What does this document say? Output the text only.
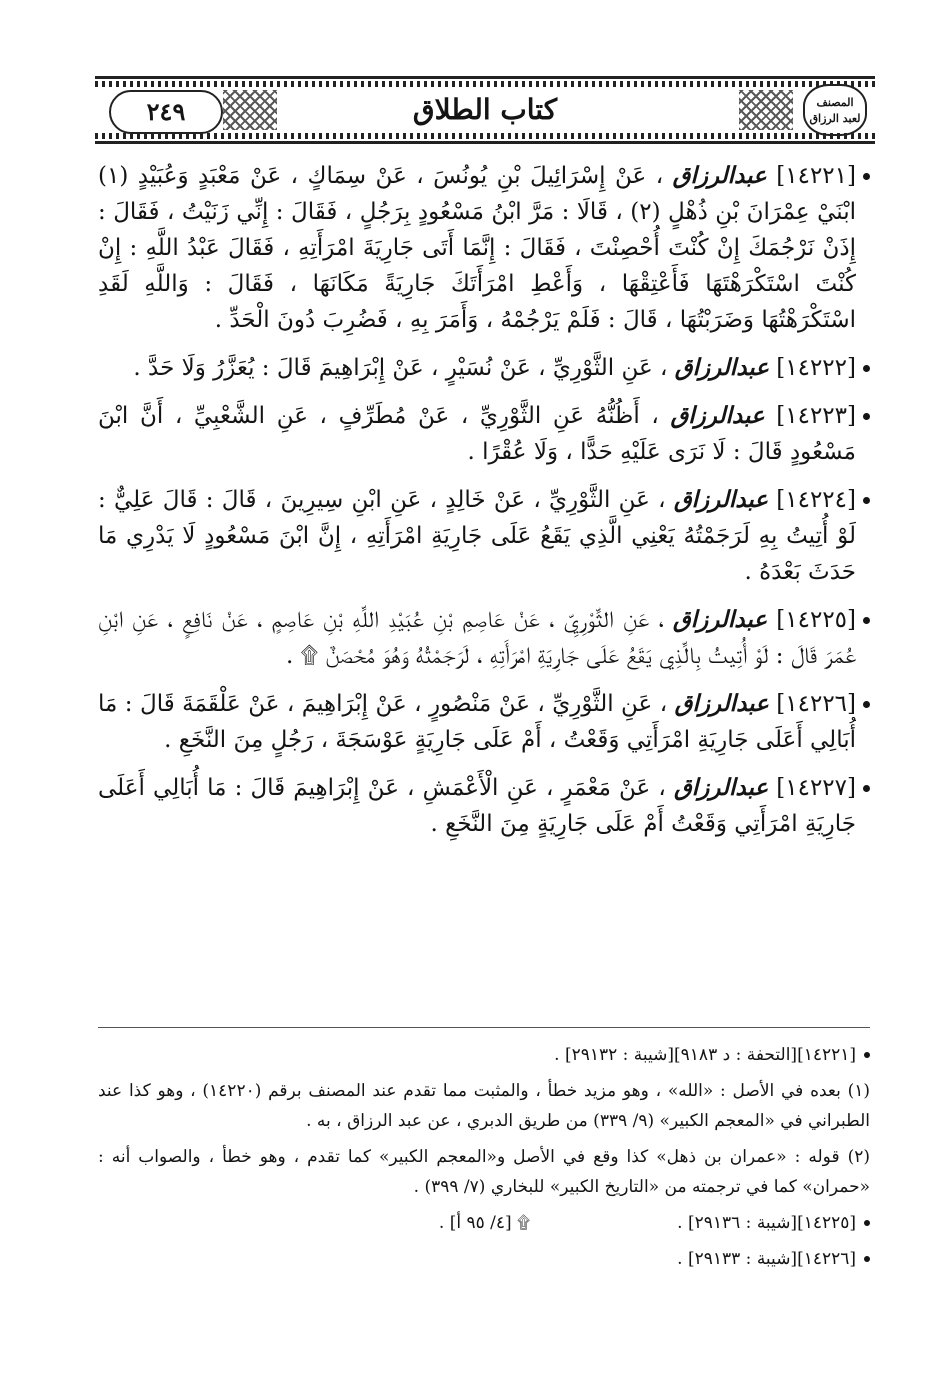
٢٤٩	كتاب الطلاق	المصنف
لعبد الرزاق

[١٤٢٢١] عبدالرزاق ، عَنْ إِسْرَائِيلَ بْنِ يُونُسَ ، عَنْ سِمَاكٍ ، عَنْ مَعْبَدٍ وَعُبَيْدٍ (١) ابْنَيْ عِمْرَانَ بْنِ ذُهْلٍ (٢) ، قَالَا : مَرَّ ابْنُ مَسْعُودٍ بِرَجُلٍ ، فَقَالَ : إِنِّي زَنَيْتُ ، فَقَالَ : إِذَنْ نَرْجُمَكَ إِنْ كُنْتَ أُحْصِنْتَ ، فَقَالَ : إِنَّمَا أَتَى جَارِيَةَ امْرَأَتِهِ ، فَقَالَ عَبْدُ اللَّهِ : إِنْ كُنْتَ اسْتَكْرَهْتَهَا فَأَعْتِقْهَا ، وَأَعْطِ امْرَأَتَكَ جَارِيَةً مَكَانَهَا ، فَقَالَ : وَاللَّهِ لَقَدِ اسْتَكْرَهْتُهَا وَضَرَبْتُهَا ، قَالَ : فَلَمْ يَرْجُمْهُ ، وَأَمَرَ بِهِ ، فَضُرِبَ دُونَ الْحَدِّ .

[١٤٢٢٢] عبدالرزاق ، عَنِ الثَّوْرِيِّ ، عَنْ نُسَيْرٍ ، عَنْ إِبْرَاهِيمَ قَالَ : يُعَزَّرُ وَلَا حَدَّ .

[١٤٢٢٣] عبدالرزاق ، أَظُنُّهُ عَنِ الثَّوْرِيِّ ، عَنْ مُطَرِّفٍ ، عَنِ الشَّعْبِيِّ ، أَنَّ ابْنَ مَسْعُودٍ قَالَ : لَا نَرَى عَلَيْهِ حَدًّا ، وَلَا عُقْرًا .

[١٤٢٢٤] عبدالرزاق ، عَنِ الثَّوْرِيِّ ، عَنْ خَالِدٍ ، عَنِ ابْنِ سِيرِينَ ، قَالَ : قَالَ عَلِيٌّ : لَوْ أُتِيتُ بِهِ لَرَجَمْتُهُ يَعْنِي الَّذِي يَقَعُ عَلَى جَارِيَةِ امْرَأَتِهِ ، إِنَّ ابْنَ مَسْعُودٍ لَا يَدْرِي مَا حَدَثَ بَعْدَهُ .

[١٤٢٢٥] عبدالرزاق ، عَنِ الثَّوْرِيِّ ، عَنْ عَاصِمِ بْنِ عُبَيْدِ اللَّهِ بْنِ عَاصِمٍ ، عَنْ نَافِعٍ ، عَنِ ابْنِ عُمَرَ قَالَ : لَوْ أُتِيتُ بِالَّذِي يَقَعُ عَلَى جَارِيَةِ امْرَأَتِهِ ، لَرَجَمْتُهُ وَهُوَ مُحْصَنٌ ۩ .

[١٤٢٢٦] عبدالرزاق ، عَنِ الثَّوْرِيِّ ، عَنْ مَنْصُورٍ ، عَنْ إِبْرَاهِيمَ ، عَنْ عَلْقَمَةَ قَالَ : مَا أُبَالِي أَعَلَى جَارِيَةِ امْرَأَتِي وَقَعْتُ ، أَمْ عَلَى جَارِيَةٍ عَوْسَجَةَ ، رَجُلٍ مِنَ النَّخَعِ .

[١٤٢٢٧] عبدالرزاق ، عَنْ مَعْمَرٍ ، عَنِ الْأَعْمَشِ ، عَنْ إِبْرَاهِيمَ قَالَ : مَا أُبَالِي أَعَلَى جَارِيَةِ امْرَأَتِي وَقَعْتُ أَمْ عَلَى جَارِيَةٍ مِنَ النَّخَعِ .

[١٤٢٢١][التحفة : د ٩١٨٣][شيبة : ٢٩١٣٢] .

(١) بعده في الأصل : «الله» ، وهو مزيد خطأ ، والمثبت مما تقدم عند المصنف برقم (١٤٢٢٠) ، وهو كذا عند الطبراني في «المعجم الكبير» (٩/ ٣٣٩) من طريق الدبري ، عن عبد الرزاق ، به .

(٢) قوله : «عمران بن ذهل» كذا وقع في الأصل و«المعجم الكبير» كما تقدم ، وهو خطأ ، والصواب أنه : «حمران» كما في ترجمته من «التاريخ الكبير» للبخاري (٧/ ٣٩٩) .

[١٤٢٢٥][شيبة : ٢٩١٣٦] .
۩ [٤/ ٩٥ أ] .

[١٤٢٢٦][شيبة : ٢٩١٣٣] .
